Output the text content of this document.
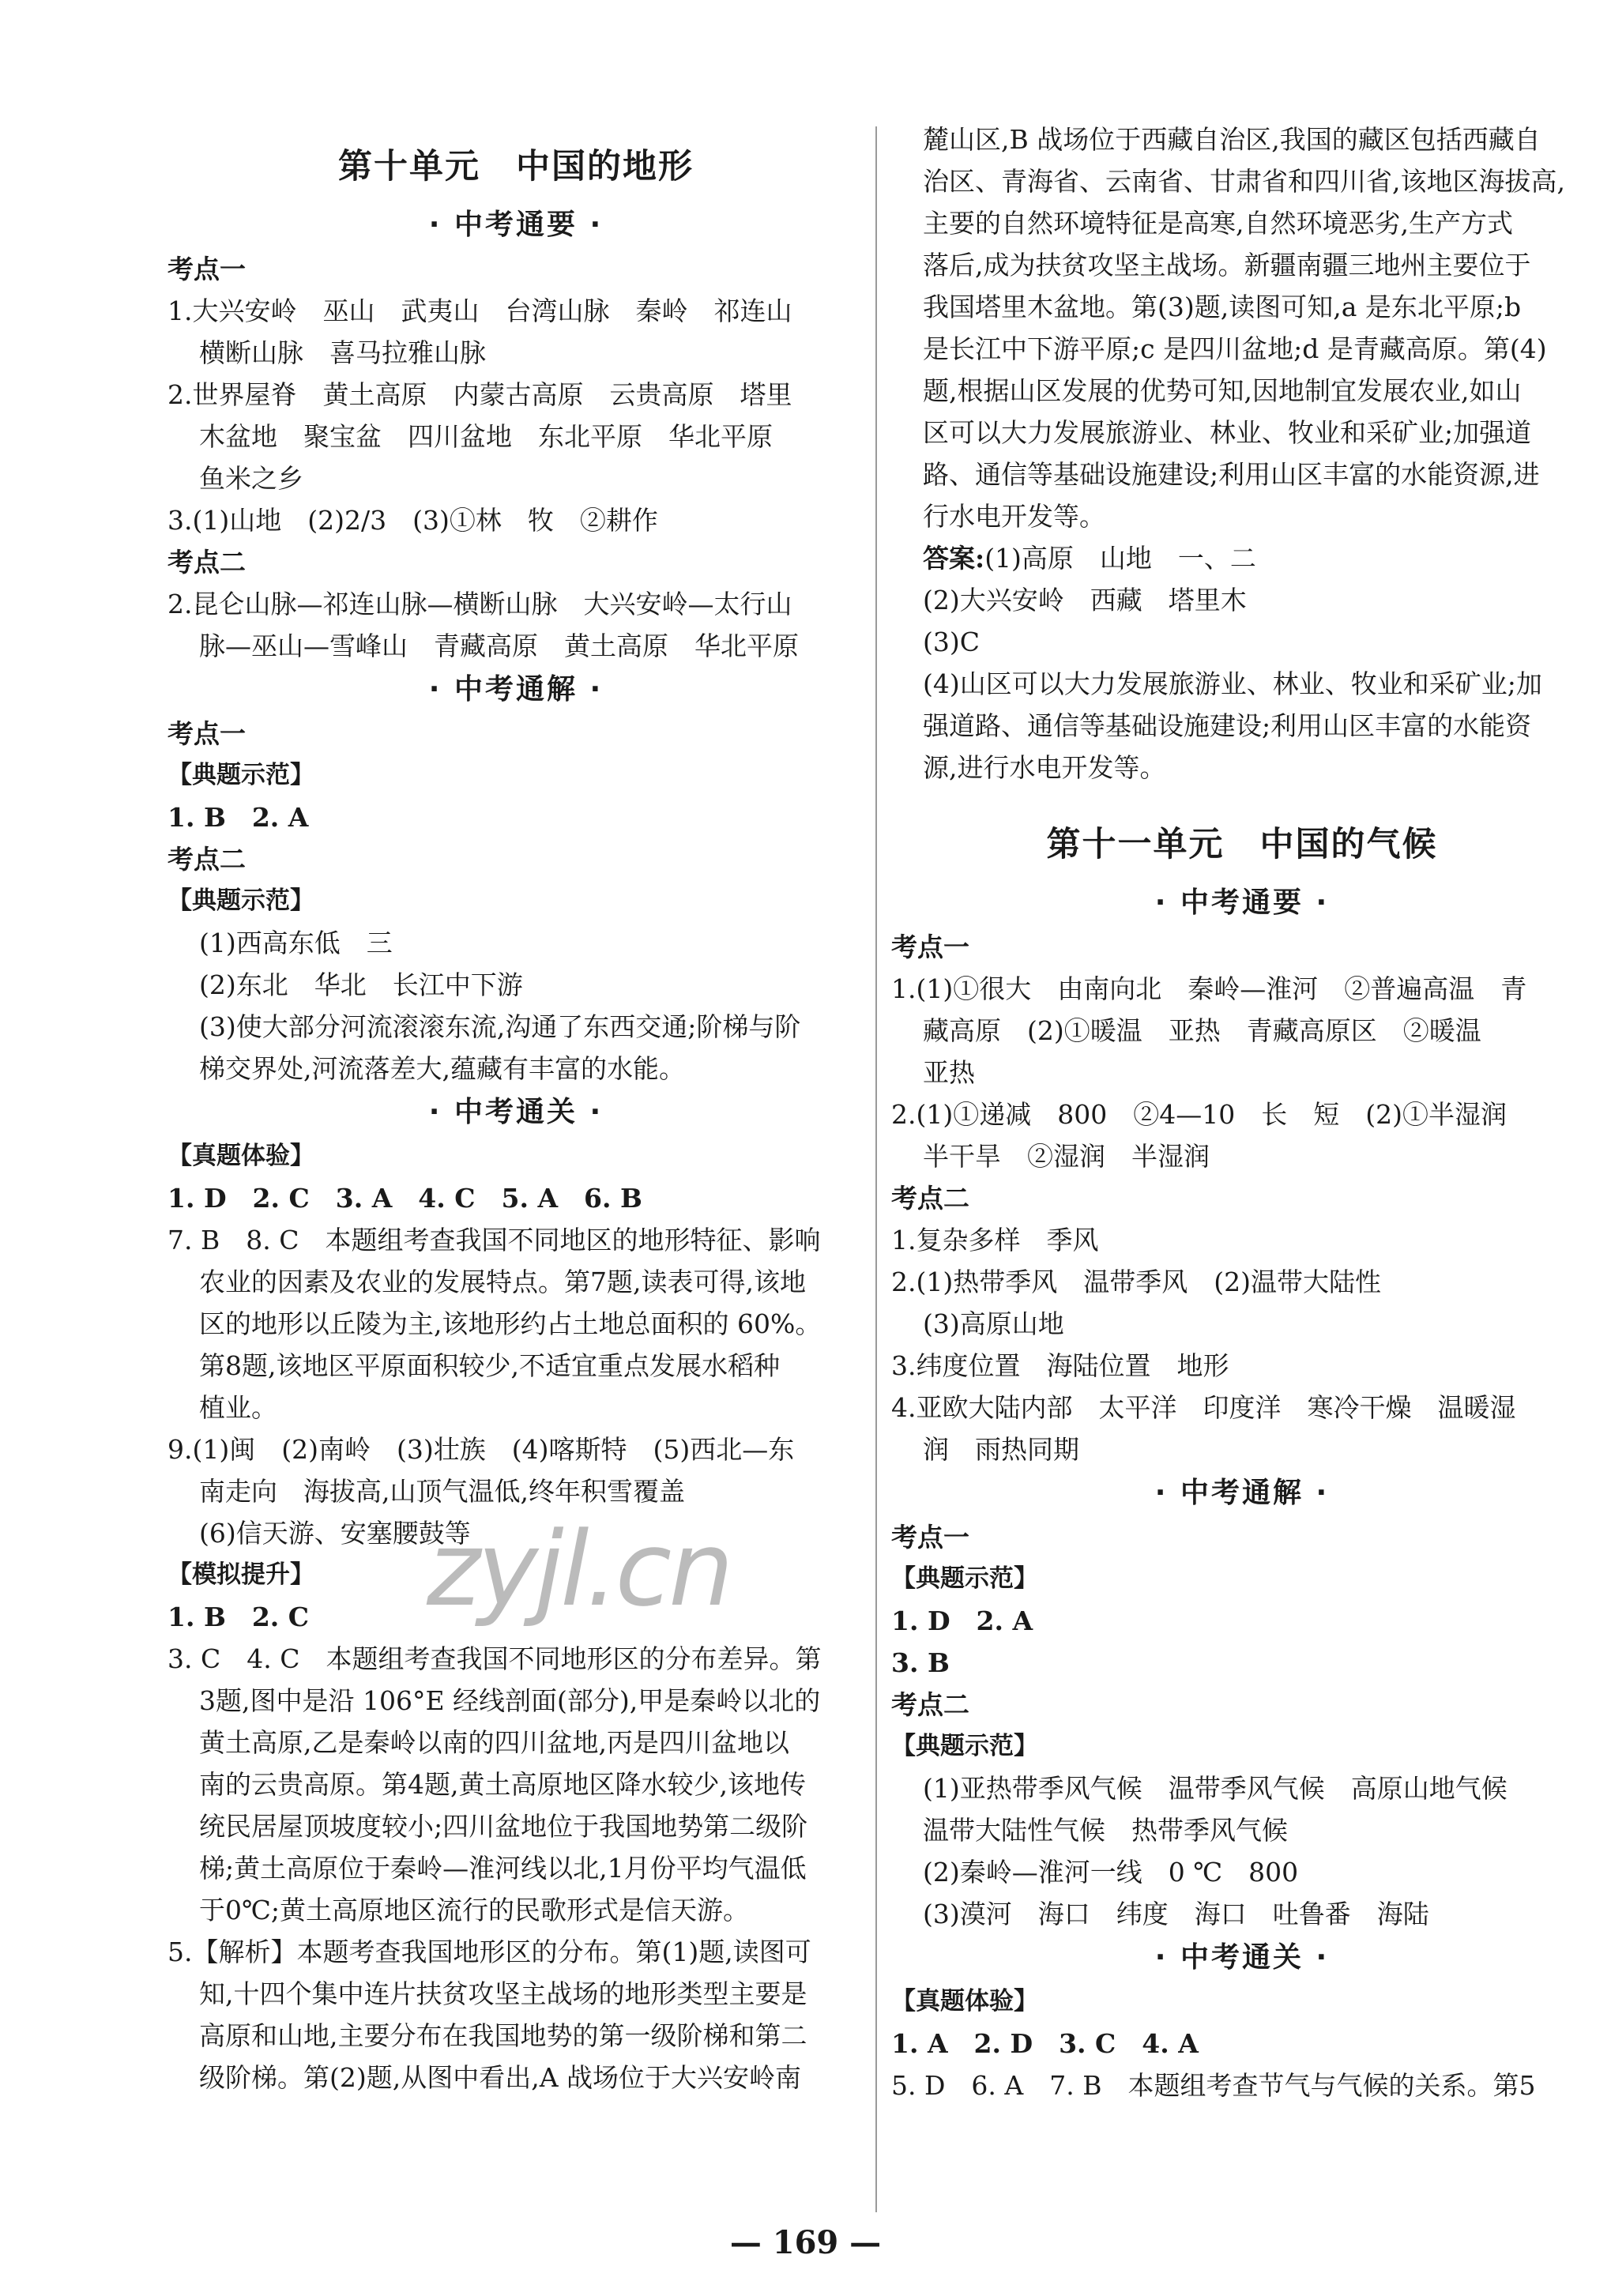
第十单元　中国的地形
· 中考通要 ·
考点一
1.大兴安岭　巫山　武夷山　台湾山脉　秦岭　祁连山
横断山脉　喜马拉雅山脉
2.世界屋脊　黄土高原　内蒙古高原　云贵高原　塔里
木盆地　聚宝盆　四川盆地　东北平原　华北平原
鱼米之乡
3.(1)山地　(2)2/3　(3)①林　牧　②耕作
考点二
2.昆仑山脉—祁连山脉—横断山脉　大兴安岭—太行山
脉—巫山—雪峰山　青藏高原　黄土高原　华北平原
· 中考通解 ·
考点一
【典题示范】
1. B　2. A
考点二
【典题示范】
(1)西高东低　三
(2)东北　华北　长江中下游
(3)使大部分河流滚滚东流,沟通了东西交通;阶梯与阶
梯交界处,河流落差大,蕴藏有丰富的水能。
· 中考通关 ·
【真题体验】
1. D　2. C　3. A　4. C　5. A　6. B
7. B　8. C　本题组考查我国不同地区的地形特征、影响
农业的因素及农业的发展特点。第7题,读表可得,该地
区的地形以丘陵为主,该地形约占土地总面积的 60%。
第8题,该地区平原面积较少,不适宜重点发展水稻种
植业。
9.(1)闽　(2)南岭　(3)壮族　(4)喀斯特　(5)西北—东
南走向　海拔高,山顶气温低,终年积雪覆盖
(6)信天游、安塞腰鼓等
【模拟提升】
1. B　2. C
3. C　4. C　本题组考查我国不同地形区的分布差异。第
3题,图中是沿 106°E 经线剖面(部分),甲是秦岭以北的
黄土高原,乙是秦岭以南的四川盆地,丙是四川盆地以
南的云贵高原。第4题,黄土高原地区降水较少,该地传
统民居屋顶坡度较小;四川盆地位于我国地势第二级阶
梯;黄土高原位于秦岭—淮河线以北,1月份平均气温低
于0℃;黄土高原地区流行的民歌形式是信天游。
5.【解析】本题考查我国地形区的分布。第(1)题,读图可
知,十四个集中连片扶贫攻坚主战场的地形类型主要是
高原和山地,主要分布在我国地势的第一级阶梯和第二
级阶梯。第(2)题,从图中看出,A 战场位于大兴安岭南
麓山区,B 战场位于西藏自治区,我国的藏区包括西藏自
治区、青海省、云南省、甘肃省和四川省,该地区海拔高,
主要的自然环境特征是高寒,自然环境恶劣,生产方式
落后,成为扶贫攻坚主战场。新疆南疆三地州主要位于
我国塔里木盆地。第(3)题,读图可知,a 是东北平原;b
是长江中下游平原;c 是四川盆地;d 是青藏高原。第(4)
题,根据山区发展的优势可知,因地制宜发展农业,如山
区可以大力发展旅游业、林业、牧业和采矿业;加强道
路、通信等基础设施建设;利用山区丰富的水能资源,进
行水电开发等。
答案:(1)高原　山地　一、二
(2)大兴安岭　西藏　塔里木
(3)C
(4)山区可以大力发展旅游业、林业、牧业和采矿业;加
强道路、通信等基础设施建设;利用山区丰富的水能资
源,进行水电开发等。
第十一单元　中国的气候
· 中考通要 ·
考点一
1.(1)①很大　由南向北　秦岭—淮河　②普遍高温　青
藏高原　(2)①暖温　亚热　青藏高原区　②暖温
亚热
2.(1)①递减　800　②4—10　长　短　(2)①半湿润
半干旱　②湿润　半湿润
考点二
1.复杂多样　季风
2.(1)热带季风　温带季风　(2)温带大陆性
(3)高原山地
3.纬度位置　海陆位置　地形
4.亚欧大陆内部　太平洋　印度洋　寒冷干燥　温暖湿
润　雨热同期
· 中考通解 ·
考点一
【典题示范】
1. D　2. A
3. B
考点二
【典题示范】
(1)亚热带季风气候　温带季风气候　高原山地气候
温带大陆性气候　热带季风气候
(2)秦岭—淮河一线　0 ℃　800
(3)漠河　海口　纬度　海口　吐鲁番　海陆
· 中考通关 ·
【真题体验】
1. A　2. D　3. C　4. A
5. D　6. A　7. B　本题组考查节气与气候的关系。第5
zyjl.cn
— 169 —
